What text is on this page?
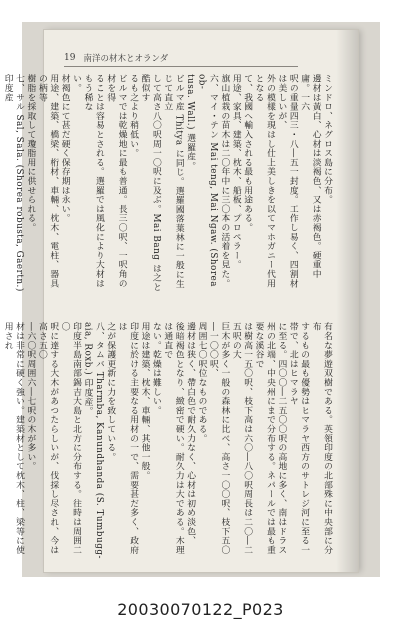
19 南洋の材木とオランダ

ミンドロ、ネグロス島に分布。

邊材は黃白、心材は淡褐色、又は赤褐色。硬重中庸。一六

呎の重量四三・八―五一封度。工作し易く、四割材は美しいが、

外の模樣を現はし仕上美しきを以てマホガニー代用となる

て、我國へ輸入される最も用途ある。

用途、家具、建築、枕木、船板、プロペラー。

旗山植栽の苗木は二〇年中に三〇本の活着を見た。

六、マイ・テン Mai teng, Mai Ngaw. (Shorea ob-

tusa. Wall.) 選羅産。

ビルマ産 Thitya に同じ。選羅國落葉林に一般に生じて直立

して高さ八〇呎周一〇呎に及ぶ。Mai Bang は之と酷似す

るも之より稍低い。

ビルマでは乾燥地に最も普通。長三〇呎、一呎角の材を得

ることは容易とされる。選羅では風化により大材はもう稀な

い。

材褐色にて甚だ硬く保存期は永い。

用途、建築、橋梁、桁材、車輛、枕木、電柱、器具の柄等

樹脂を採取して瓊脂用に供せられる。

七、サル Sal, Sala. (Shorea robusta, Gaertn.) 印度産

有名な夢遊双樹である。英領印度の北部殊に中央部に分布

するもの最も優勢はヒマラヤ西方のサトレジ河に至る一帯で、北はヒマラヤ

に至る。四〇〇―二五〇〇呎の高地に多く、南はドラス

州の北端、中央州にまで分布する。ネパールでは最も重要な溪谷で

は樹高一五〇呎、枝下高は六〇―八〇呎周長は二〇―二五呎の大

巨木が多く一般の森林に比べ、高さ一〇〇呎、枝下五〇―一〇〇呎、

周囲七〇呎位なものである。

邊材は狭く、帶白色で耐久力なく、心材は初め淡色、

後暗褐色となり、緻密で硬い。耐久力は大である。木理は通直で

ない。乾燥は難しい。

用途は建築、枕木、車輛、其他一般。

印度に於ける主要なる用材の一で、需要甚だ多く、政府は

之が保護更新に力を致している。

八、タムバ Tharmba, Kanundhanda (S. Tumbugg-

aia, Roxb.) 印度産。

印度半島南部錫吉大島と北方に分布する。往時は周囲二〇

呎に達する大木があつたらしいが、伐採し尽され、今は高さ五〇

―六〇呎周囲六―七呎の木が多い。

材は非常に硬く強い。建築材として枕木、柱、梁等に使用され

20030070122_P023
